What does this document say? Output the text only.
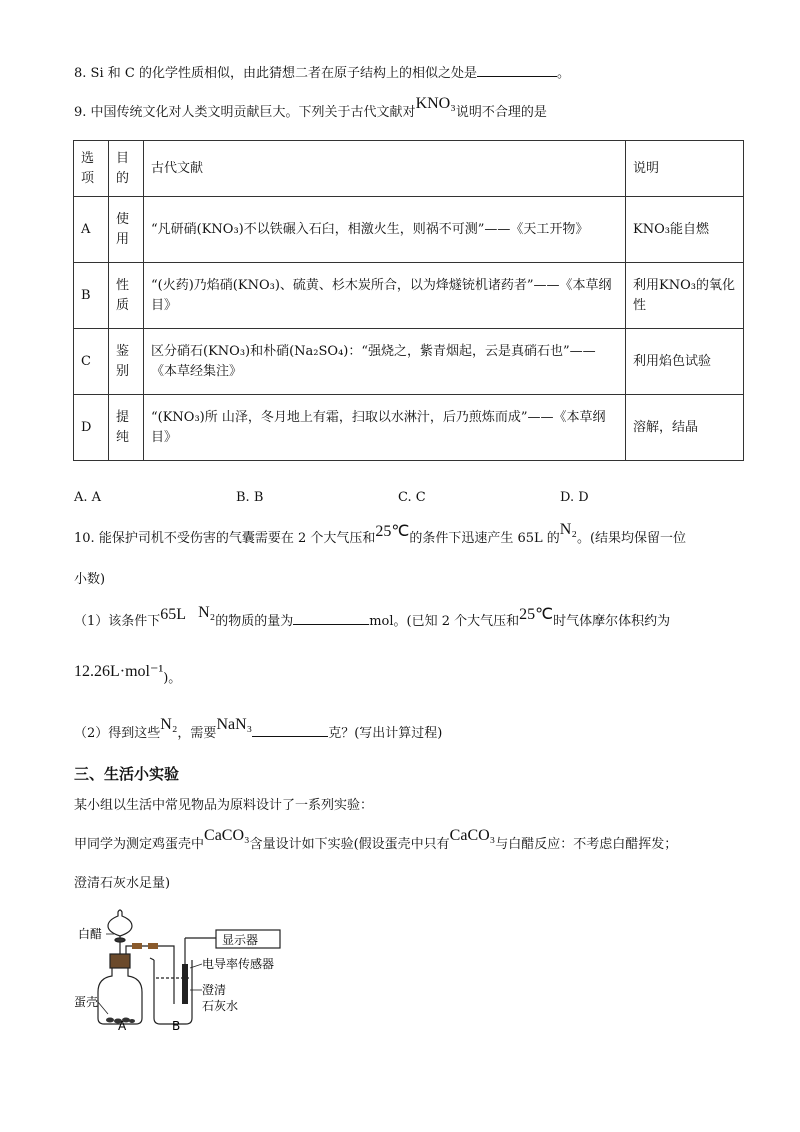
8. Si 和 C 的化学性质相似，由此猜想二者在原子结构上的相似之处是	。
9. 中国传统文化对人类文明贡献巨大。下列关于古代文献对KNO₃说明不合理的是
选项	目的	古代文献	说明
A	使用	“凡研硝(KNO₃)不以铁碾入石臼，相激火生，则祸不可测”——《天工开物》	KNO₃能自燃
B	性质	“(火药)乃焰硝(KNO₃)、硫黄、杉木炭所合，以为烽燧铳机诸药者”——《本草纲目》	利用KNO₃的氧化性
C	鉴别	区分硝石(KNO₃)和朴硝(Na₂SO₄)：“强烧之，紫青烟起，云是真硝石也”——《本草经集注》	利用焰色试验
D	提纯	“(KNO₃)所 山泽，冬月地上有霜，扫取以水淋汁，后乃煎炼而成”——《本草纲目》	溶解，结晶
A. A	B. B	C. C	D. D
10. 能保护司机不受伤害的气囊需要在 2 个大气压和25℃的条件下迅速产生 65L 的N₂。(结果均保留一位
小数)
（1）该条件下65L N₂的物质的量为	mol。(已知 2 个大气压和25℃时气体摩尔体积约为
12.26L·mol⁻¹)。
（2）得到这些N₂，需要NaN₃克？(写出计算过程)
三、生活小实验
某小组以生活中常见物品为原料设计了一系列实验：
甲同学为测定鸡蛋壳中CaCO₃含量设计如下实验(假设蛋壳中只有CaCO₃与白醋反应：不考虑白醋挥发；
澄清石灰水足量)
白醋
蛋壳
A	B
显示器
电导率传感器
澄清
石灰水
